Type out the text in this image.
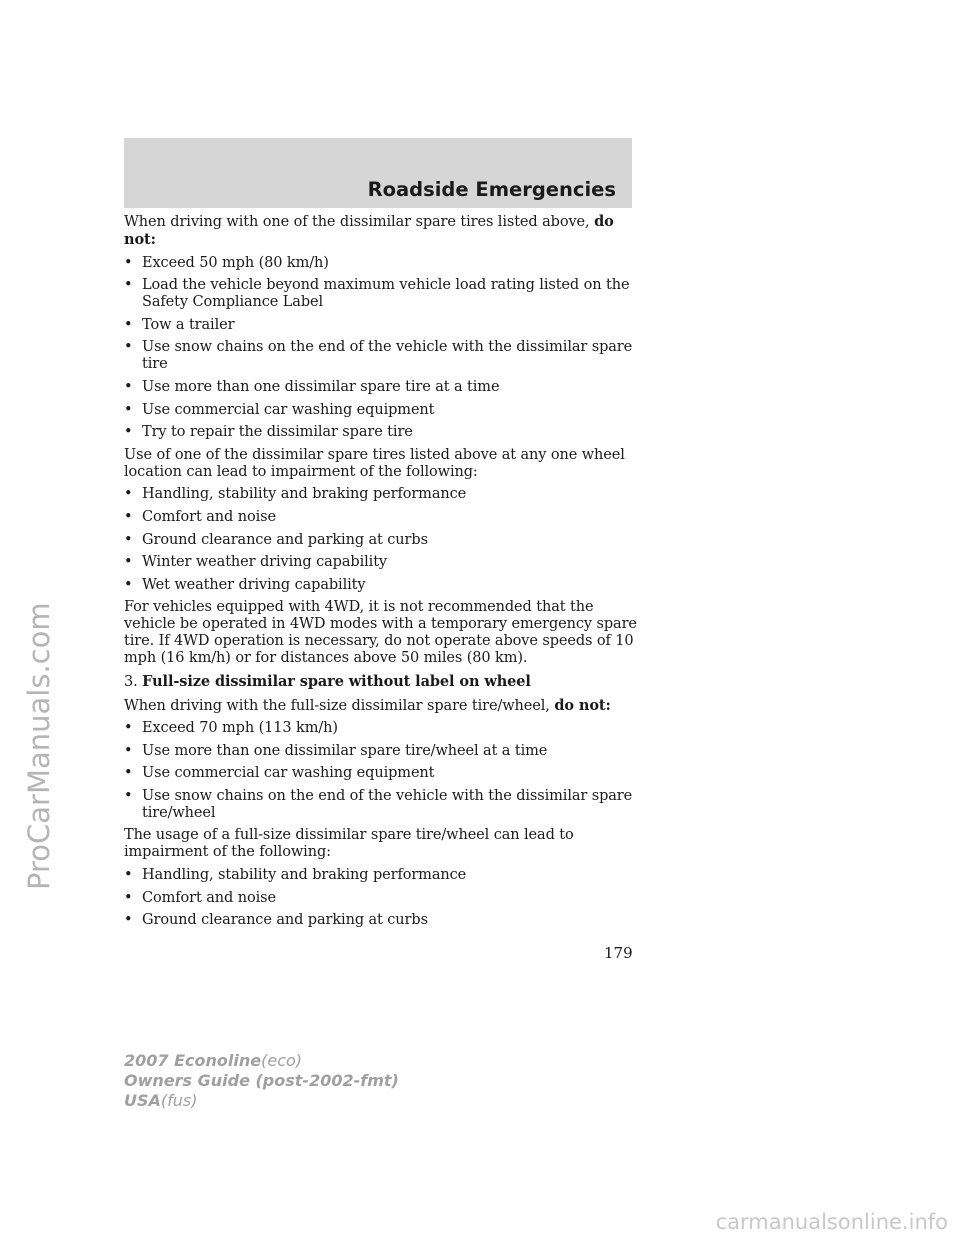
Roadside Emergencies

When driving with one of the dissimilar spare tires listed above, do not:

• Exceed 50 mph (80 km/h)
• Load the vehicle beyond maximum vehicle load rating listed on the Safety Compliance Label
• Tow a trailer
• Use snow chains on the end of the vehicle with the dissimilar spare tire
• Use more than one dissimilar spare tire at a time
• Use commercial car washing equipment
• Try to repair the dissimilar spare tire

Use of one of the dissimilar spare tires listed above at any one wheel location can lead to impairment of the following:

• Handling, stability and braking performance
• Comfort and noise
• Ground clearance and parking at curbs
• Winter weather driving capability
• Wet weather driving capability

For vehicles equipped with 4WD, it is not recommended that the vehicle be operated in 4WD modes with a temporary emergency spare tire. If 4WD operation is necessary, do not operate above speeds of 10 mph (16 km/h) or for distances above 50 miles (80 km).

3. Full-size dissimilar spare without label on wheel

When driving with the full-size dissimilar spare tire/wheel, do not:

• Exceed 70 mph (113 km/h)
• Use more than one dissimilar spare tire/wheel at a time
• Use commercial car washing equipment
• Use snow chains on the end of the vehicle with the dissimilar spare tire/wheel

The usage of a full-size dissimilar spare tire/wheel can lead to impairment of the following:

• Handling, stability and braking performance
• Comfort and noise
• Ground clearance and parking at curbs
179
2007 Econoline(eco)
Owners Guide (post-2002-fmt)
USA(fus)
ProCarManuals.com
carmanualsonline.info
